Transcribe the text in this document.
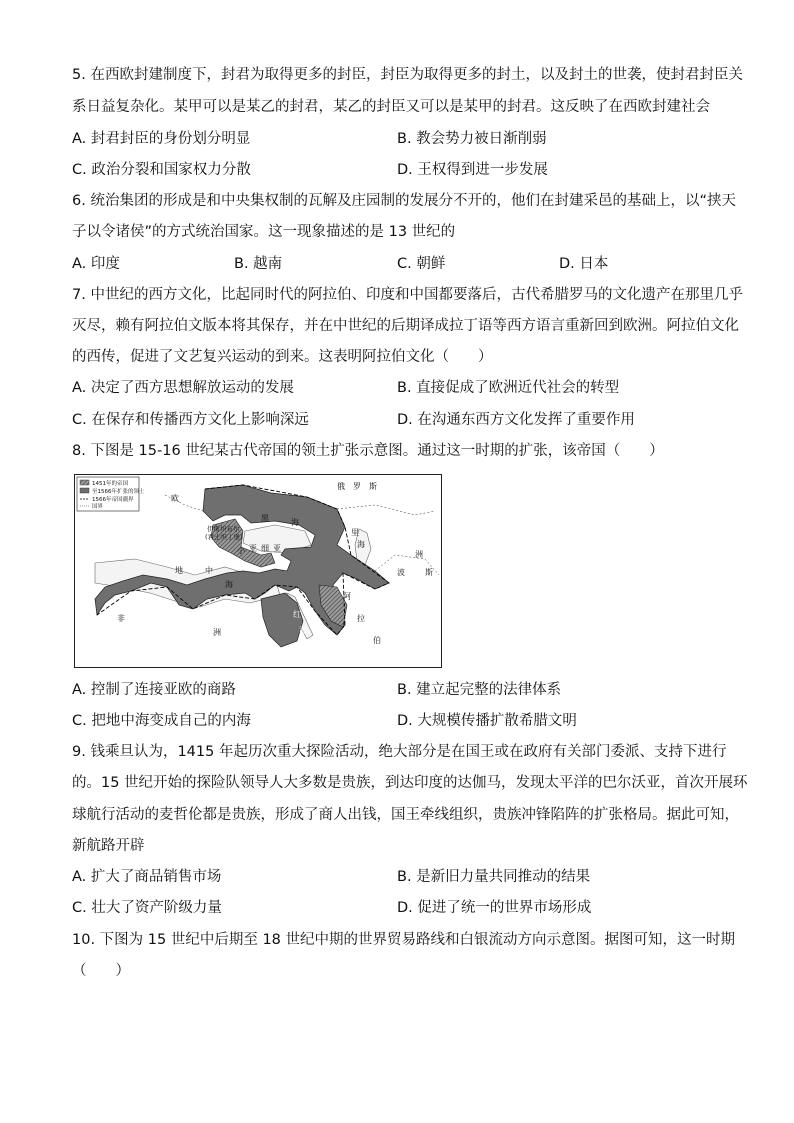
5. 在西欧封建制度下，封君为取得更多的封臣，封臣为取得更多的封土，以及封土的世袭，使封君封臣关
系日益复杂化。某甲可以是某乙的封君，某乙的封臣又可以是某甲的封君。这反映了在西欧封建社会
A. 封君封臣的身份划分明显	B. 教会势力被日渐削弱
C. 政治分裂和国家权力分散	D. 王权得到进一步发展
6. 统治集团的形成是和中央集权制的瓦解及庄园制的发展分不开的，他们在封建采邑的基础上，以“挟天
子以令诸侯”的方式统治国家。这一现象描述的是 13 世纪的
A. 印度	B. 越南	C. 朝鲜	D. 日本
7. 中世纪的西方文化，比起同时代的阿拉伯、印度和中国都要落后，古代希腊罗马的文化遗产在那里几乎
灭尽，赖有阿拉伯文版本将其保存，并在中世纪的后期译成拉丁语等西方语言重新回到欧洲。阿拉伯文化
的西传，促进了文艺复兴运动的到来。这表明阿拉伯文化（　　）
A. 决定了西方思想解放运动的发展	B. 直接促成了欧洲近代社会的转型
C. 在保存和传播西方文化上影响深远	D. 在沟通东西方文化发挥了重要作用
8. 下图是 15-16 世纪某古代帝国的领土扩张示意图。通过这一时期的扩张，该帝国（　　）
1451年的帝国
至1566年扩张的领土
1566年帝国疆界
国界
俄　罗　斯
欧
伊斯坦布尔
(君士坦丁堡)
黑	海
小 亚 细 亚
里
海
地	中
海
洲
波	斯
非
洲
红
海
阿
拉
伯
A. 控制了连接亚欧的商路	B. 建立起完整的法律体系
C. 把地中海变成自己的内海	D. 大规模传播扩散希腊文明
9. 钱乘旦认为，1415 年起历次重大探险活动，绝大部分是在国王或在政府有关部门委派、支持下进行
的。15 世纪开始的探险队领导人大多数是贵族，到达印度的达伽马，发现太平洋的巴尔沃亚，首次开展环
球航行活动的麦哲伦都是贵族，形成了商人出钱，国王牵线组织，贵族冲锋陷阵的扩张格局。据此可知，
新航路开辟
A. 扩大了商品销售市场	B. 是新旧力量共同推动的结果
C. 壮大了资产阶级力量	D. 促进了统一的世界市场形成
10. 下图为 15 世纪中后期至 18 世纪中期的世界贸易路线和白银流动方向示意图。据图可知，这一时期
（　　）
